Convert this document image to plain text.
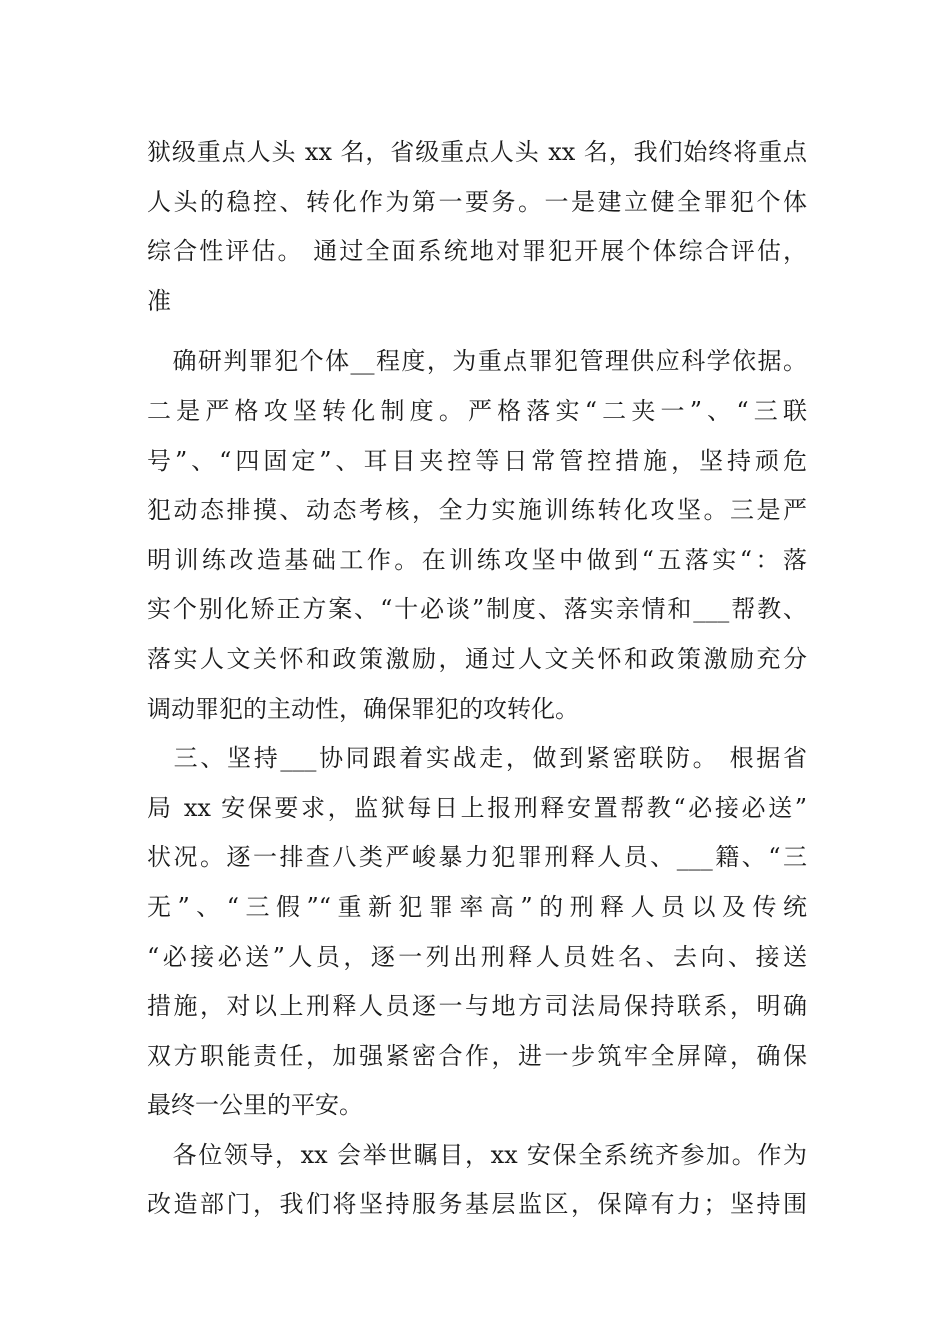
狱级重点人头 xx 名，省级重点人头 xx 名，我们始终将重点
人头的稳控、转化作为第一要务。一是建立健全罪犯个体
综合性评估。 通过全面系统地对罪犯开展个体综合评估，
准

　确研判罪犯个体__程度，为重点罪犯管理供应科学依据。
二是严格攻坚转化制度。严格落实“二夹一”、“三联
号”、“四固定”、耳目夹控等日常管控措施，坚持顽危
犯动态排摸、动态考核，全力实施训练转化攻坚。三是严
明训练改造基础工作。在训练攻坚中做到“五落实“：落
实个别化矫正方案、“十必谈”制度、落实亲情和___帮教、
落实人文关怀和政策激励，通过人文关怀和政策激励充分
调动罪犯的主动性，确保罪犯的攻转化。

　三、坚持___协同跟着实战走，做到紧密联防。 根据省
局 xx 安保要求，监狱每日上报刑释安置帮教“必接必送”
状况。逐一排查八类严峻暴力犯罪刑释人员、___籍、“三
无”、“三假”“重新犯罪率高”的刑释人员以及传统
“必接必送”人员，逐一列出刑释人员姓名、去向、接送
措施，对以上刑释人员逐一与地方司法局保持联系，明确
双方职能责任，加强紧密合作，进一步筑牢全屏障，确保
最终一公里的平安。

　各位领导，xx 会举世瞩目，xx 安保全系统齐参加。作为
改造部门，我们将坚持服务基层监区，保障有力；坚持围
